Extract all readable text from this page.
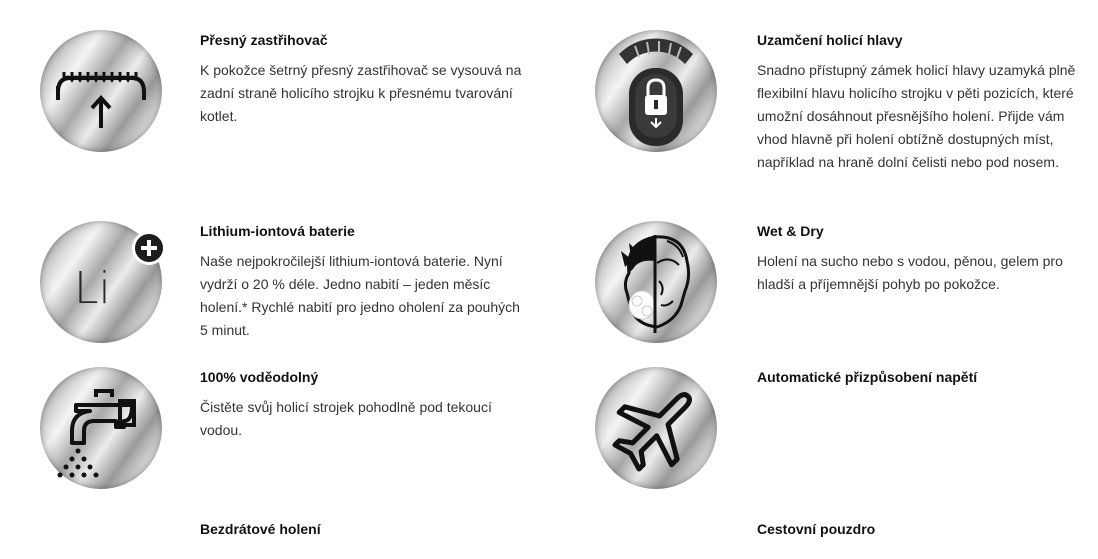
Přesný zastřihovač
K pokožce šetrný přesný zastřihovač se vysouvá na zadní straně holicího strojku k přesnému tvarování kotlet.
Uzamčení holicí hlavy
Snadno přístupný zámek holicí hlavy uzamyká plně flexibilní hlavu holicího strojku v pěti pozicích, které umožní dosáhnout přesnějšího holení. Přijde vám vhod hlavně při holení obtížně dostupných míst, například na hraně dolní čelisti nebo pod nosem.
Li
Lithium-iontová baterie
Naše nejpokročilejší lithium-iontová baterie. Nyní vydrží o 20 % déle. Jedno nabití – jeden měsíc holení.* Rychlé nabití pro jedno oholení za pouhých 5 minut.
Wet & Dry
Holení na sucho nebo s vodou, pěnou, gelem pro hladší a příjemnější pohyb po pokožce.
100% voděodolný
Čistěte svůj holicí strojek pohodlně pod tekoucí vodou.
Automatické přizpůsobení napětí
Bezdrátové holení	Cestovní pouzdro
